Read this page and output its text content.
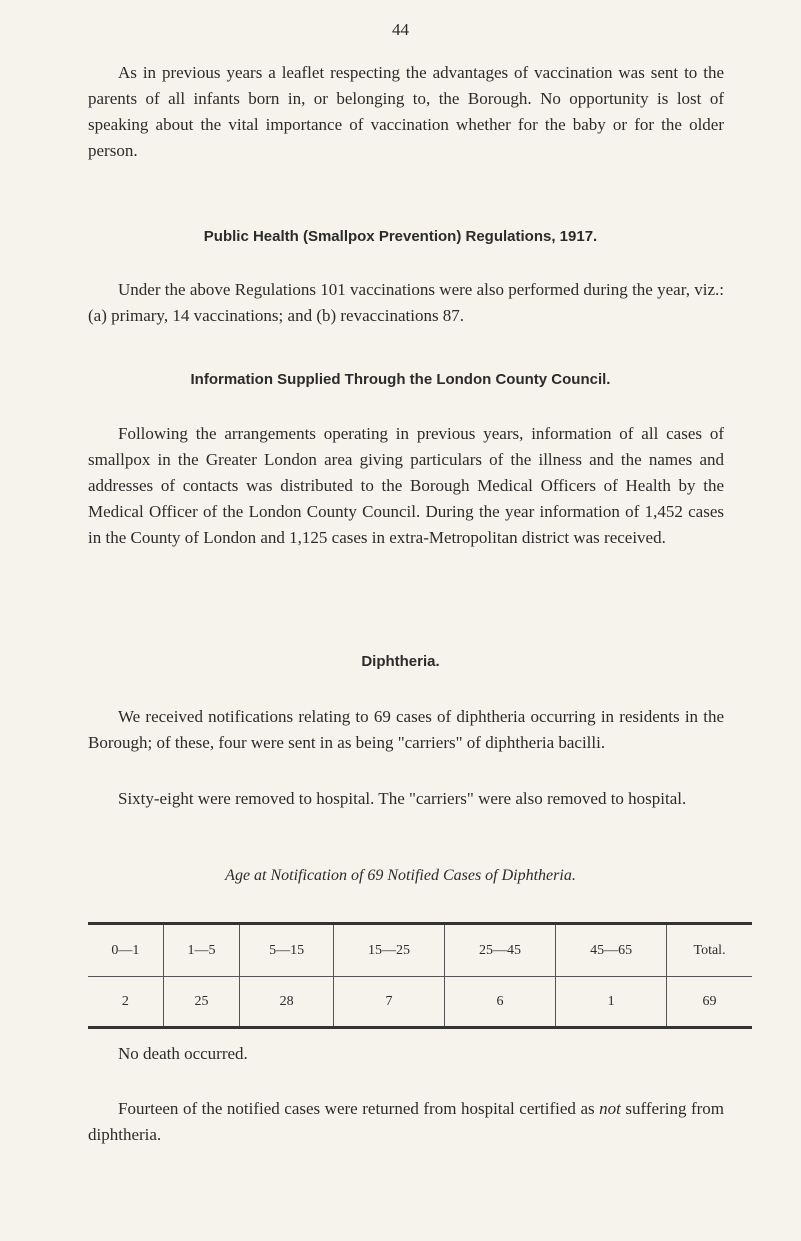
44

As in previous years a leaflet respecting the advantages of vaccination was sent to the parents of all infants born in, or belonging to, the Borough. No opportunity is lost of speaking about the vital importance of vaccination whether for the baby or for the older person.

Public Health (Smallpox Prevention) Regulations, 1917.

Under the above Regulations 101 vaccinations were also performed during the year, viz.: (a) primary, 14 vaccinations; and (b) revaccinations 87.

Information Supplied Through the London County Council.

Following the arrangements operating in previous years, information of all cases of smallpox in the Greater London area giving particulars of the illness and the names and addresses of contacts was distributed to the Borough Medical Officers of Health by the Medical Officer of the London County Council. During the year information of 1,452 cases in the County of London and 1,125 cases in extra-Metropolitan district was received.

Diphtheria.

We received notifications relating to 69 cases of diphtheria occurring in residents in the Borough; of these, four were sent in as being "carriers" of diphtheria bacilli.

Sixty-eight were removed to hospital. The "carriers" were also removed to hospital.

Age at Notification of 69 Notified Cases of Diphtheria.

0—1	1—5	5—15	15—25	25—45	45—65	Total.
2	25	28	7	6	1	69

No death occurred.

Fourteen of the notified cases were returned from hospital certified as not suffering from diphtheria.
